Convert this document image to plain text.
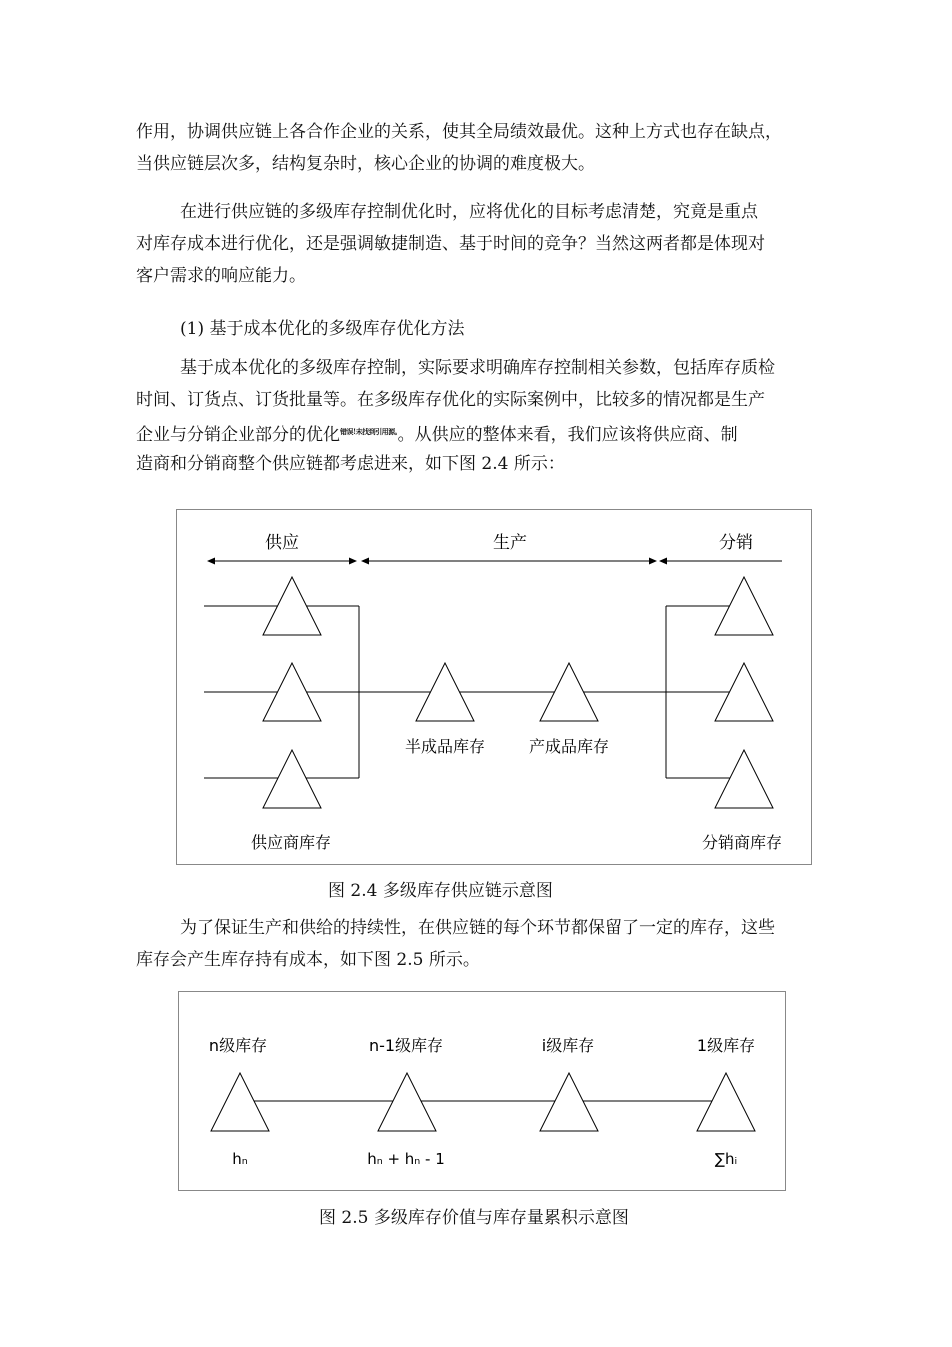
作用，协调供应链上各合作企业的关系，使其全局绩效最优。这种上方式也存在缺点，
当供应链层次多，结构复杂时，核心企业的协调的难度极大。
在进行供应链的多级库存控制优化时，应将优化的目标考虑清楚，究竟是重点
对库存成本进行优化，还是强调敏捷制造、基于时间的竞争？当然这两者都是体现对
客户需求的响应能力。
(1) 基于成本优化的多级库存优化方法
基于成本优化的多级库存控制，实际要求明确库存控制相关参数，包括库存质检
时间、订货点、订货批量等。在多级库存优化的实际案例中，比较多的情况都是生产
企业与分销企业部分的优化$^{错误!未找到引用源。}$。从供应的整体来看，我们应该将供应商、制
造商和分销商整个供应链都考虑进来，如下图 2.4 所示：
供应	生产	分销
半成品库存	产成品库存
供应商库存	分销商库存
图 2.4 多级库存供应链示意图
为了保证生产和供给的持续性，在供应链的每个环节都保留了一定的库存，这些
库存会产生库存持有成本，如下图 2.5 所示。
n级库存	n-1级库存	i级库存	1级库存
hₙ	hₙ + hₙ - 1	∑hᵢ
图 2.5 多级库存价值与库存量累积示意图
